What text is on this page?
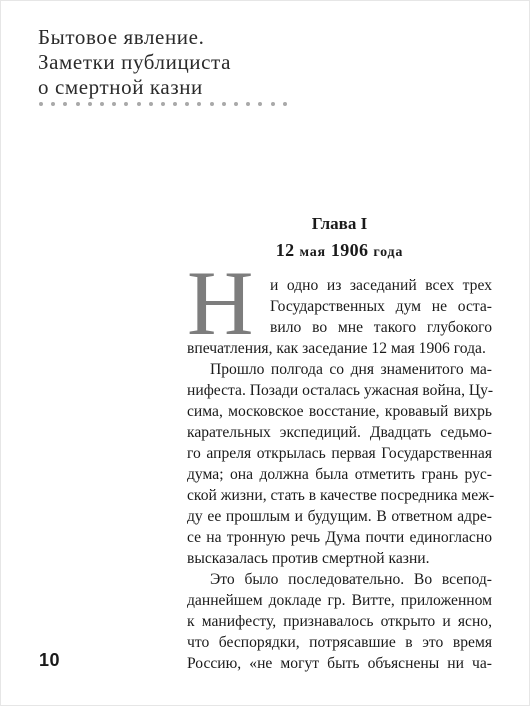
Бытовое явление.
Заметки публициста
о смертной казни
Глава I
12 мая 1906 года
Н	и одно из заседаний всех трех
Государственных дум не оста-
вило во мне такого глубокого
впечатления, как заседание 12 мая 1906 года.
Прошло полгода со дня знаменитого ма-
нифеста. Позади осталась ужасная война, Цу-
сима, московское восстание, кровавый вихрь
карательных экспедиций. Двадцать седьмо-
го апреля открылась первая Государственная
дума; она должна была отметить грань рус-
ской жизни, стать в качестве посредника меж-
ду ее прошлым и будущим. В ответном адре-
се на тронную речь Дума почти единогласно
высказалась против смертной казни.
Это было последовательно. Во всепод-
даннейшем докладе гр. Витте, приложенном
к манифесту, признавалось открыто и ясно,
что беспорядки, потрясавшие в это время
Россию, «не могут быть объяснены ни ча-
10
